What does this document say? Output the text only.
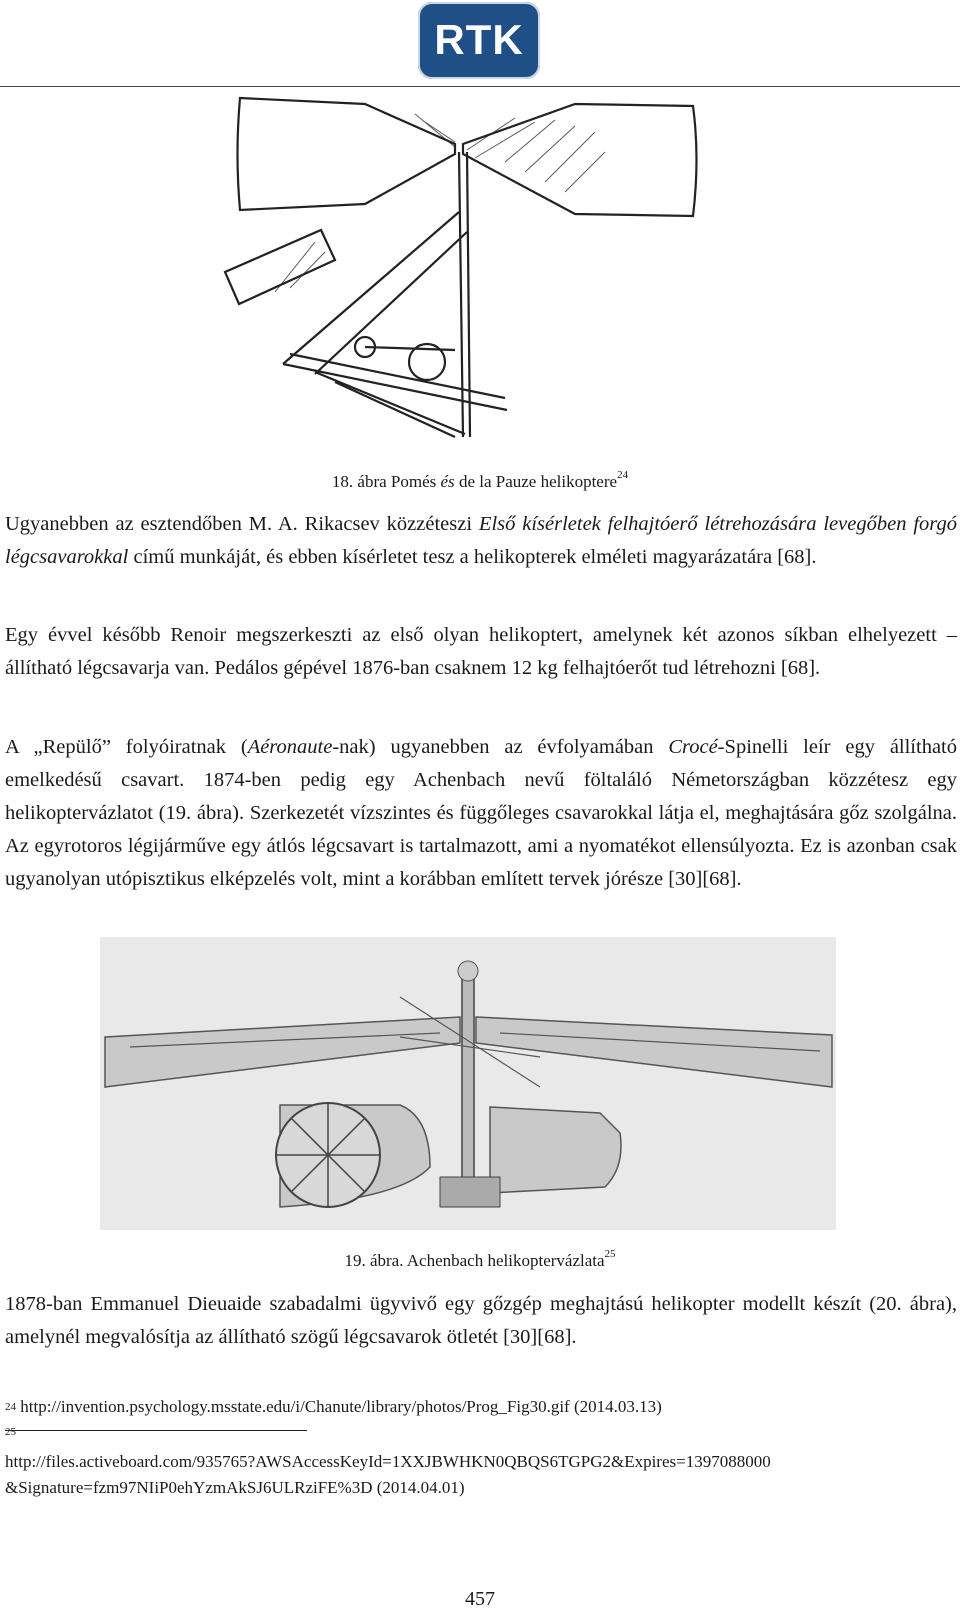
RTK
18. ábra Pomés és de la Pauze helikoptere$^{24}$

Ugyanebben az esztendőben M. A. Rikacsev közzéteszi Első kísérletek felhajtóerő létrehozására levegőben forgó légcsavarokkal című munkáját, és ebben kísérletet tesz a helikopterek elméleti magyarázatára [68].

Egy évvel később Renoir megszerkeszti az első olyan helikoptert, amelynek két azonos síkban elhelyezett – állítható légcsavarja van. Pedálos gépével 1876-ban csaknem 12 kg felhajtóerőt tud létrehozni [68].

A „Repülő” folyóiratnak (Aéronaute-nak) ugyanebben az évfolyamában Crocé-Spinelli leír egy állítható emelkedésű csavart. 1874-ben pedig egy Achenbach nevű föltaláló Németországban közzétesz egy helikoptervázlatot (19. ábra). Szerkezetét vízszintes és függőleges csavarokkal látja el, meghajtására gőz szolgálna. Az egyrotoros légijárműve egy átlós légcsavart is tartalmazott, ami a nyomatékot ellensúlyozta. Ez is azonban csak ugyanolyan utópisztikus elképzelés volt, mint a korábban említett tervek jórésze [30][68].

19. ábra. Achenbach helikoptervázlata$^{25}$

1878-ban Emmanuel Dieuaide szabadalmi ügyvivő egy gőzgép meghajtású helikopter modellt készít (20. ábra), amelynél megvalósítja az állítható szögű légcsavarok ötletét [30][68].

$^{24}$ http://invention.psychology.msstate.edu/i/Chanute/library/photos/Prog_Fig30.gif (2014.03.13)
$^{25}$
http://files.activeboard.com/935765?AWSAccessKeyId=1XXJBWHKN0QBQS6TGPG2&Expires=1397088000
&Signature=fzm97NIiP0ehYzmAkSJ6ULRziFE%3D (2014.04.01)
457
